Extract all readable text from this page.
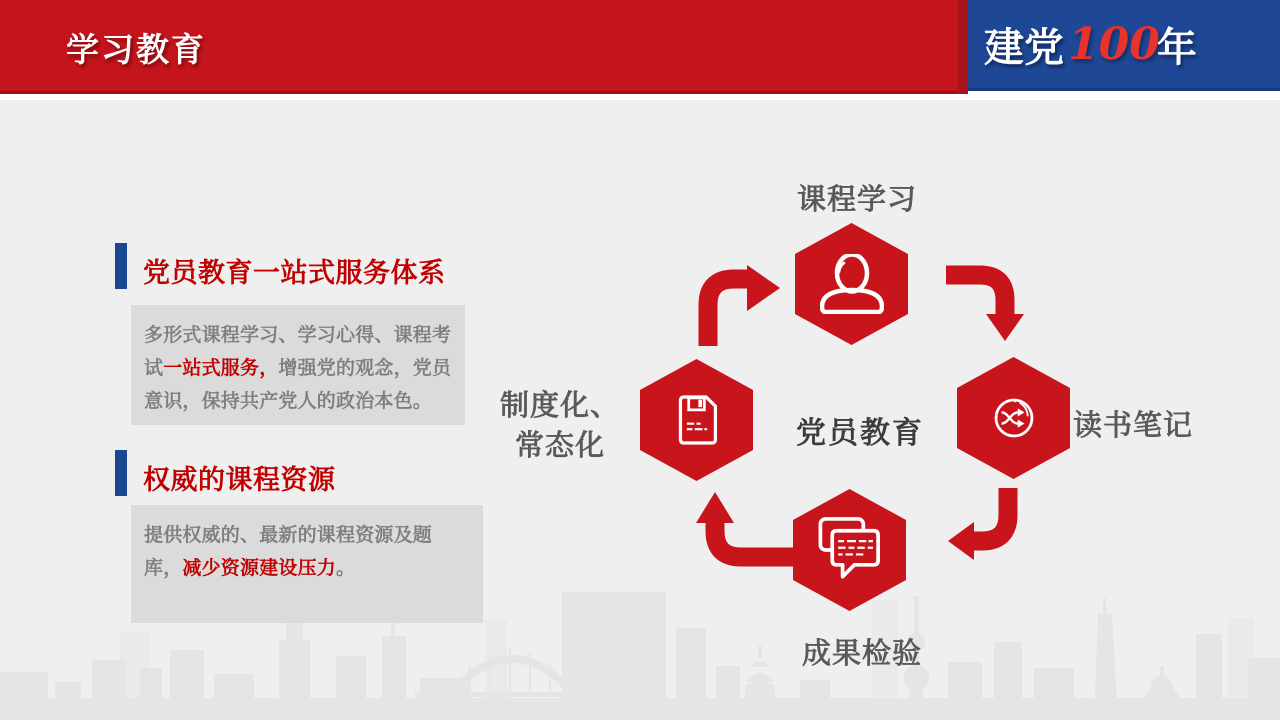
建党 100
年
学习教育
党员教育一站式服务体系
多形式课程学习、学习心得、课程考试一站式服务，增强党的观念，党员意识，保持共产党人的政治本色。
权威的课程资源
提供权威的、最新的课程资源及题库，减少资源建设压力。
课程学习
读书笔记
成果检验
制度化、常态化	党员教育
